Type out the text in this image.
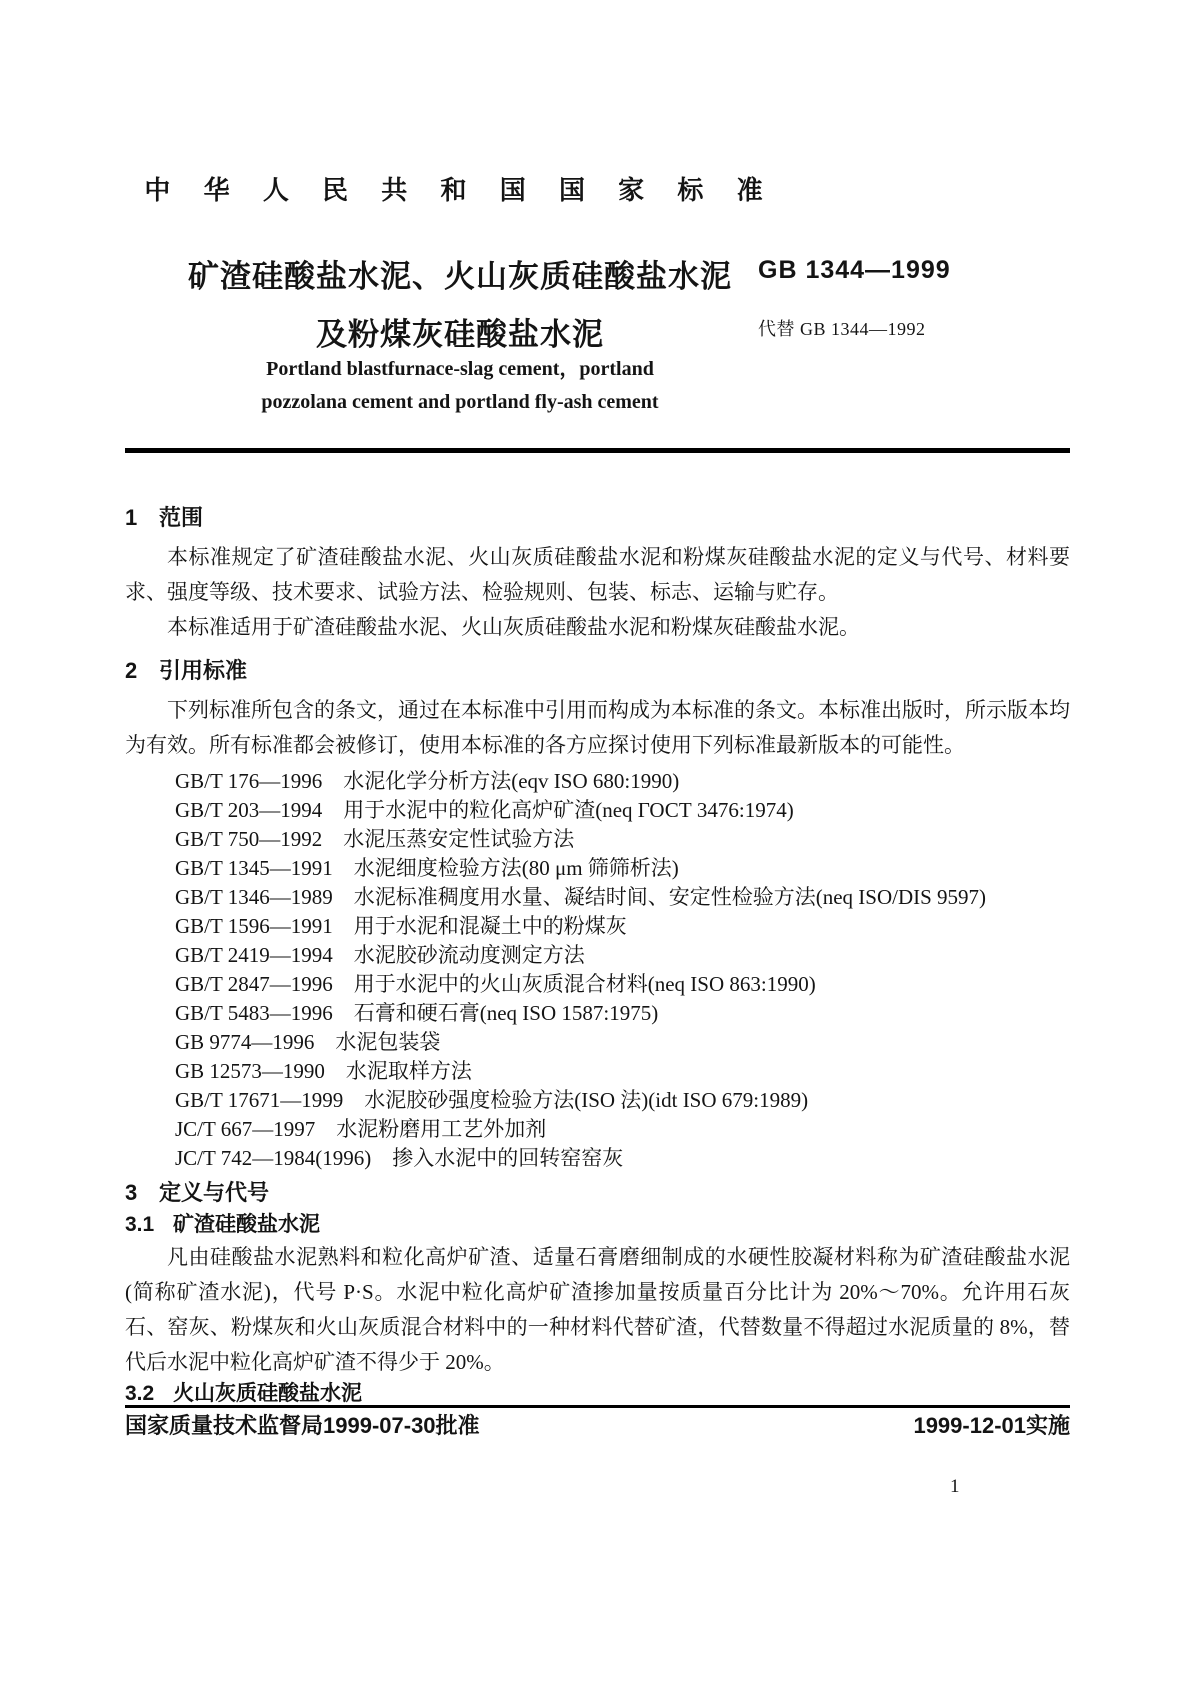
中 华 人 民 共 和 国 国 家 标 准
矿渣硅酸盐水泥、火山灰质硅酸盐水泥
及粉煤灰硅酸盐水泥
GB 1344—1999
代替 GB 1344—1992
Portland blastfurnace-slag cement，portland
pozzolana cement and portland fly-ash cement
1 范围
本标准规定了矿渣硅酸盐水泥、火山灰质硅酸盐水泥和粉煤灰硅酸盐水泥的定义与代号、材料要求、强度等级、技术要求、试验方法、检验规则、包装、标志、运输与贮存。
本标准适用于矿渣硅酸盐水泥、火山灰质硅酸盐水泥和粉煤灰硅酸盐水泥。
2 引用标准
下列标准所包含的条文，通过在本标准中引用而构成为本标准的条文。本标准出版时，所示版本均为有效。所有标准都会被修订，使用本标准的各方应探讨使用下列标准最新版本的可能性。
GB/T 176—1996　水泥化学分析方法(eqv ISO 680:1990)
GB/T 203—1994　用于水泥中的粒化高炉矿渣(neq ГОСТ 3476:1974)
GB/T 750—1992　水泥压蒸安定性试验方法
GB/T 1345—1991　水泥细度检验方法(80 μm 筛筛析法)
GB/T 1346—1989　水泥标准稠度用水量、凝结时间、安定性检验方法(neq ISO/DIS 9597)
GB/T 1596—1991　用于水泥和混凝土中的粉煤灰
GB/T 2419—1994　水泥胶砂流动度测定方法
GB/T 2847—1996　用于水泥中的火山灰质混合材料(neq ISO 863:1990)
GB/T 5483—1996　石膏和硬石膏(neq ISO 1587:1975)
GB 9774—1996　水泥包装袋
GB 12573—1990　水泥取样方法
GB/T 17671—1999　水泥胶砂强度检验方法(ISO 法)(idt ISO 679:1989)
JC/T 667—1997　水泥粉磨用工艺外加剂
JC/T 742—1984(1996)　掺入水泥中的回转窑窑灰
3 定义与代号
3.1 矿渣硅酸盐水泥
凡由硅酸盐水泥熟料和粒化高炉矿渣、适量石膏磨细制成的水硬性胶凝材料称为矿渣硅酸盐水泥(简称矿渣水泥)，代号 P·S。水泥中粒化高炉矿渣掺加量按质量百分比计为 20%～70%。允许用石灰石、窑灰、粉煤灰和火山灰质混合材料中的一种材料代替矿渣，代替数量不得超过水泥质量的 8%，替代后水泥中粒化高炉矿渣不得少于 20%。
3.2 火山灰质硅酸盐水泥
国家质量技术监督局1999-07-30批准	1999-12-01实施
1
